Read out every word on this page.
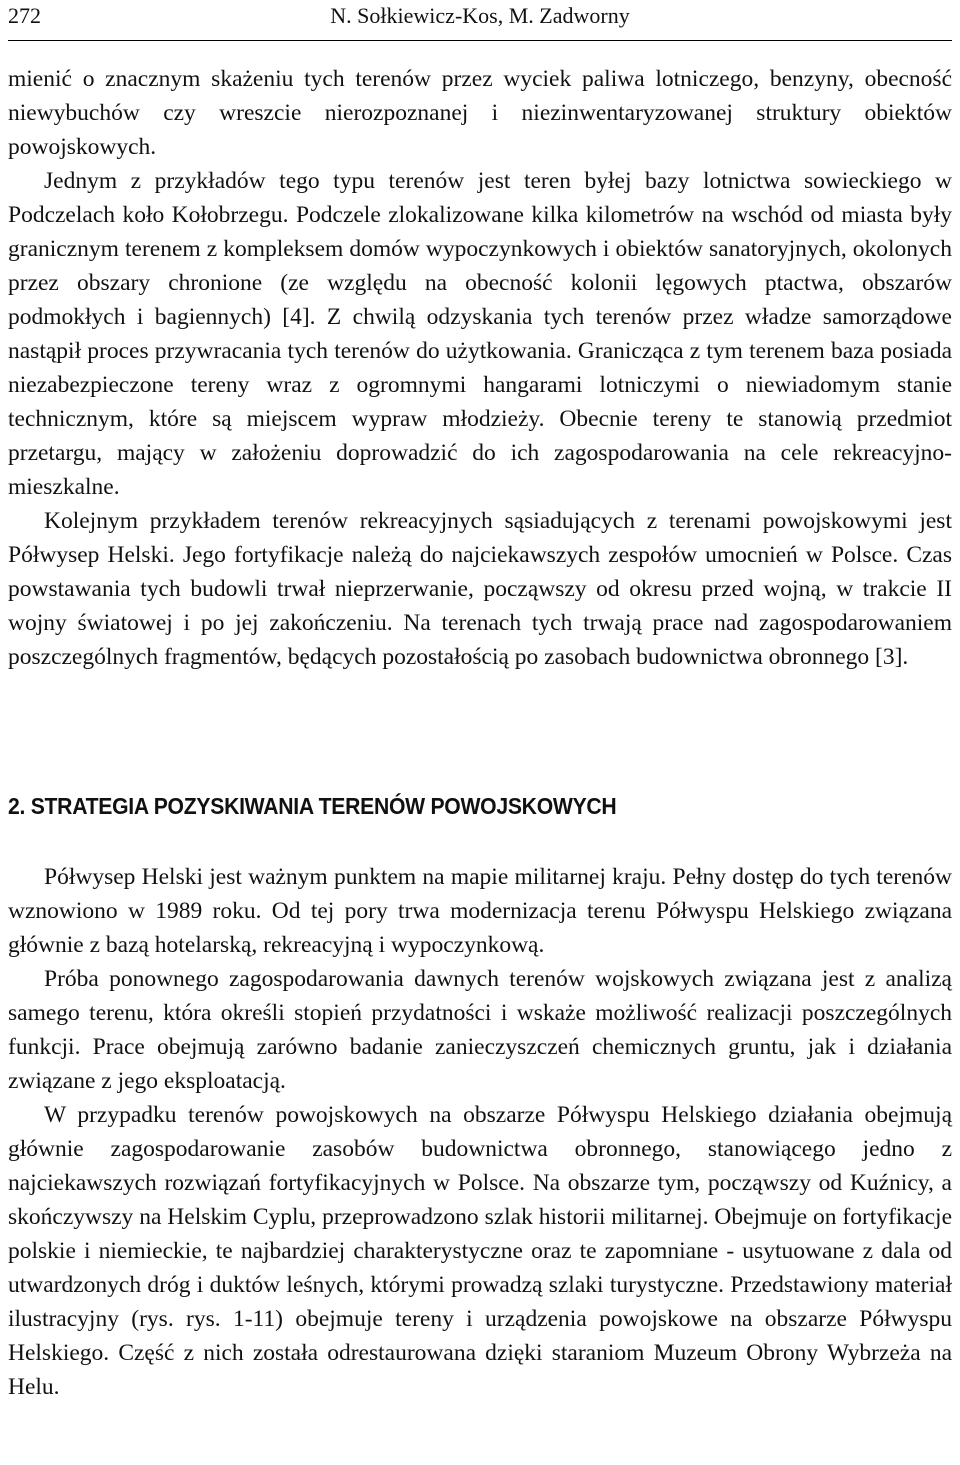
272	N. Sołkiewicz-Kos, M. Zadworny

mienić o znacznym skażeniu tych terenów przez wyciek paliwa lotniczego, benzyny, obecność niewybuchów czy wreszcie nierozpoznanej i niezinwentaryzowanej struktury obiektów powojskowych.

Jednym z przykładów tego typu terenów jest teren byłej bazy lotnictwa sowieckiego w Podczelach koło Kołobrzegu. Podczele zlokalizowane kilka kilometrów na wschód od miasta były granicznym terenem z kompleksem domów wypoczynkowych i obiektów sanatoryjnych, okolonych przez obszary chronione (ze względu na obecność kolonii lęgowych ptactwa, obszarów podmokłych i bagiennych) [4]. Z chwilą odzyskania tych terenów przez władze samorządowe nastąpił proces przywracania tych terenów do użytkowania. Granicząca z tym terenem baza posiada niezabezpieczone tereny wraz z ogromnymi hangarami lotniczymi o niewiadomym stanie technicznym, które są miejscem wypraw młodzieży. Obecnie tereny te stanowią przedmiot przetargu, mający w założeniu doprowadzić do ich zagospodarowania na cele rekreacyjno-mieszkalne.

Kolejnym przykładem terenów rekreacyjnych sąsiadujących z terenami powojskowymi jest Półwysep Helski. Jego fortyfikacje należą do najciekawszych zespołów umocnień w Polsce. Czas powstawania tych budowli trwał nieprzerwanie, począwszy od okresu przed wojną, w trakcie II wojny światowej i po jej zakończeniu. Na terenach tych trwają prace nad zagospodarowaniem poszczególnych fragmentów, będących pozostałością po zasobach budownictwa obronnego [3].

2. STRATEGIA POZYSKIWANIA TERENÓW POWOJSKOWYCH

Półwysep Helski jest ważnym punktem na mapie militarnej kraju. Pełny dostęp do tych terenów wznowiono w 1989 roku. Od tej pory trwa modernizacja terenu Półwyspu Helskiego związana głównie z bazą hotelarską, rekreacyjną i wypoczynkową.

Próba ponownego zagospodarowania dawnych terenów wojskowych związana jest z analizą samego terenu, która określi stopień przydatności i wskaże możliwość realizacji poszczególnych funkcji. Prace obejmują zarówno badanie zanieczyszczeń chemicznych gruntu, jak i działania związane z jego eksploatacją.

W przypadku terenów powojskowych na obszarze Półwyspu Helskiego działania obejmują głównie zagospodarowanie zasobów budownictwa obronnego, stanowiącego jedno z najciekawszych rozwiązań fortyfikacyjnych w Polsce. Na obszarze tym, począwszy od Kuźnicy, a skończywszy na Helskim Cyplu, przeprowadzono szlak historii militarnej. Obejmuje on fortyfikacje polskie i niemieckie, te najbardziej charakterystyczne oraz te zapomniane - usytuowane z dala od utwardzonych dróg i duktów leśnych, którymi prowadzą szlaki turystyczne. Przedstawiony materiał ilustracyjny (rys. rys. 1-11) obejmuje tereny i urządzenia powojskowe na obszarze Półwyspu Helskiego. Część z nich została odrestaurowana dzięki staraniom Muzeum Obrony Wybrzeża na Helu.
